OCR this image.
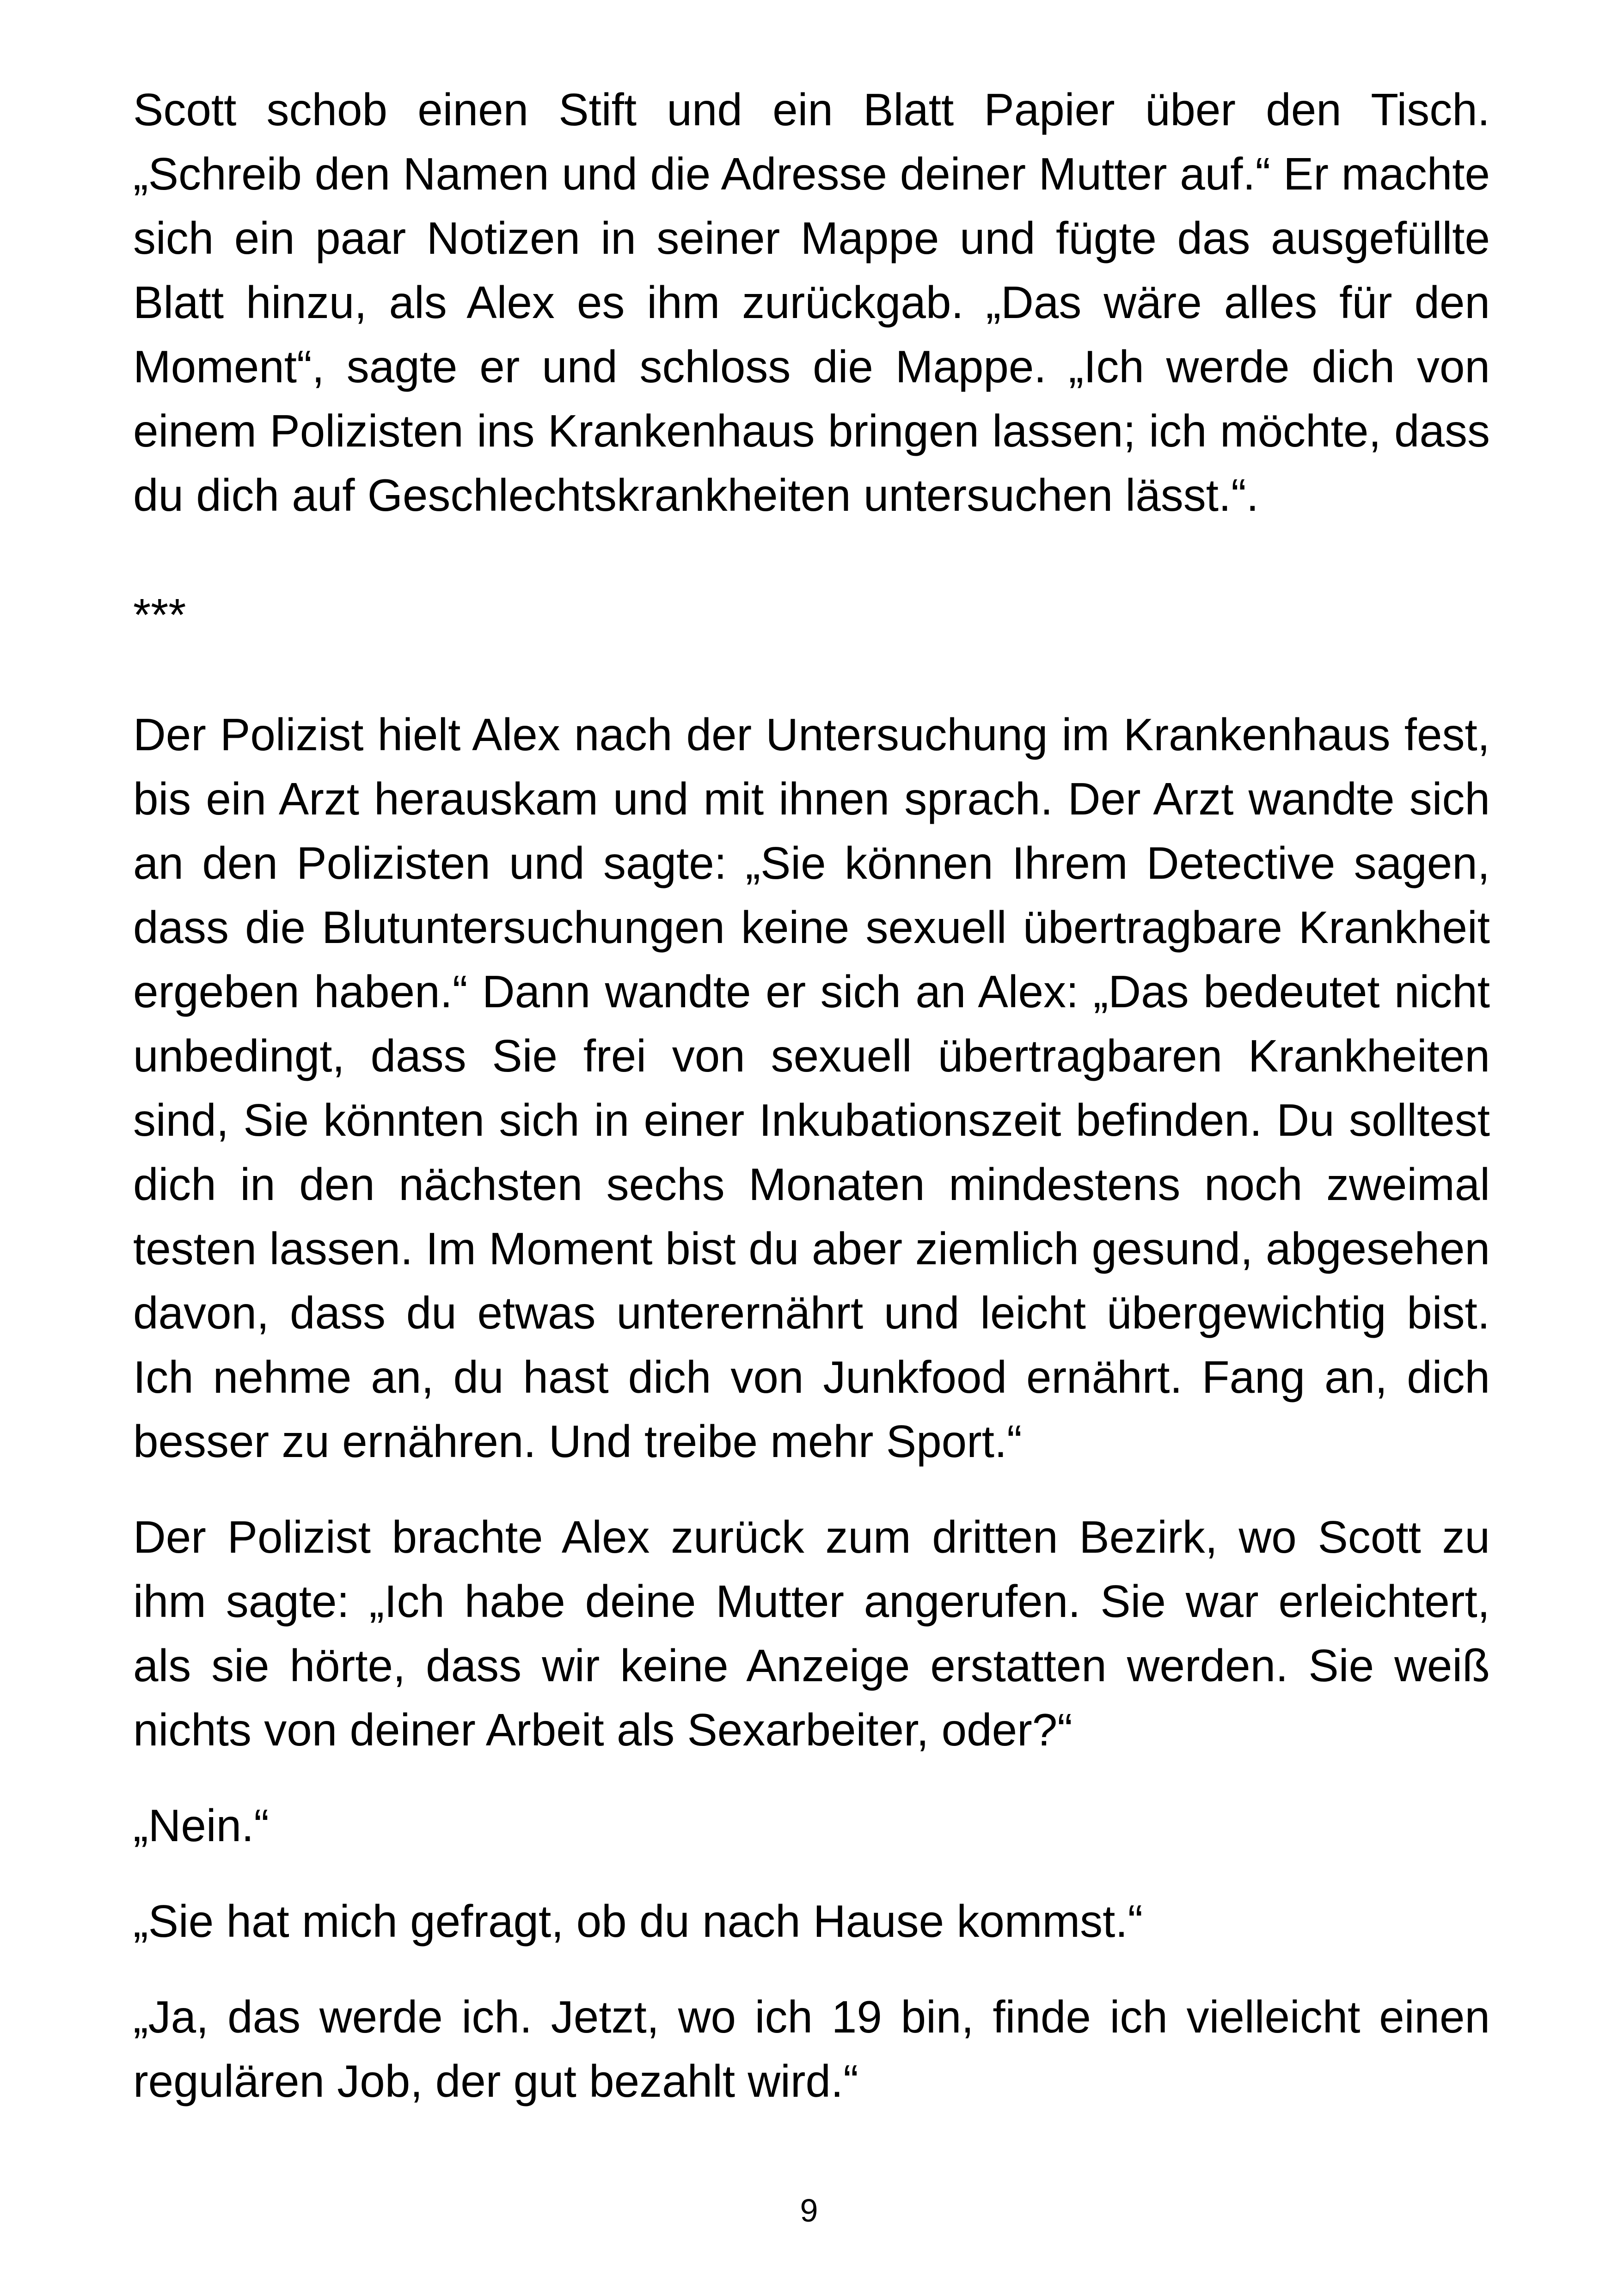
Scott schob einen Stift und ein Blatt Papier über den Tisch. „Schreib den Namen und die Adresse deiner Mutter auf.“ Er machte sich ein paar Notizen in seiner Mappe und fügte das ausgefüllte Blatt hinzu, als Alex es ihm zurückgab. „Das wäre alles für den Moment“, sagte er und schloss die Mappe. „Ich werde dich von einem Polizisten ins Krankenhaus bringen lassen; ich möchte, dass du dich auf Geschlechtskrankheiten untersuchen lässt.“.

***

Der Polizist hielt Alex nach der Untersuchung im Krankenhaus fest, bis ein Arzt herauskam und mit ihnen sprach. Der Arzt wandte sich an den Polizisten und sagte: „Sie können Ihrem Detective sagen, dass die Blutuntersuchungen keine sexuell übertragbare Krankheit ergeben haben.“ Dann wandte er sich an Alex: „Das bedeutet nicht unbedingt, dass Sie frei von sexuell übertragbaren Krankheiten sind, Sie könnten sich in einer Inkubationszeit befinden. Du solltest dich in den nächsten sechs Monaten mindestens noch zweimal testen lassen. Im Moment bist du aber ziemlich gesund, abgesehen davon, dass du etwas unterernährt und leicht übergewichtig bist. Ich nehme an, du hast dich von Junkfood ernährt. Fang an, dich besser zu ernähren. Und treibe mehr Sport.“

Der Polizist brachte Alex zurück zum dritten Bezirk, wo Scott zu ihm sagte: „Ich habe deine Mutter angerufen. Sie war erleichtert, als sie hörte, dass wir keine Anzeige erstatten werden. Sie weiß nichts von deiner Arbeit als Sexarbeiter, oder?“

„Nein.“

„Sie hat mich gefragt, ob du nach Hause kommst.“

„Ja, das werde ich. Jetzt, wo ich 19 bin, finde ich vielleicht einen regulären Job, der gut bezahlt wird.“

9
